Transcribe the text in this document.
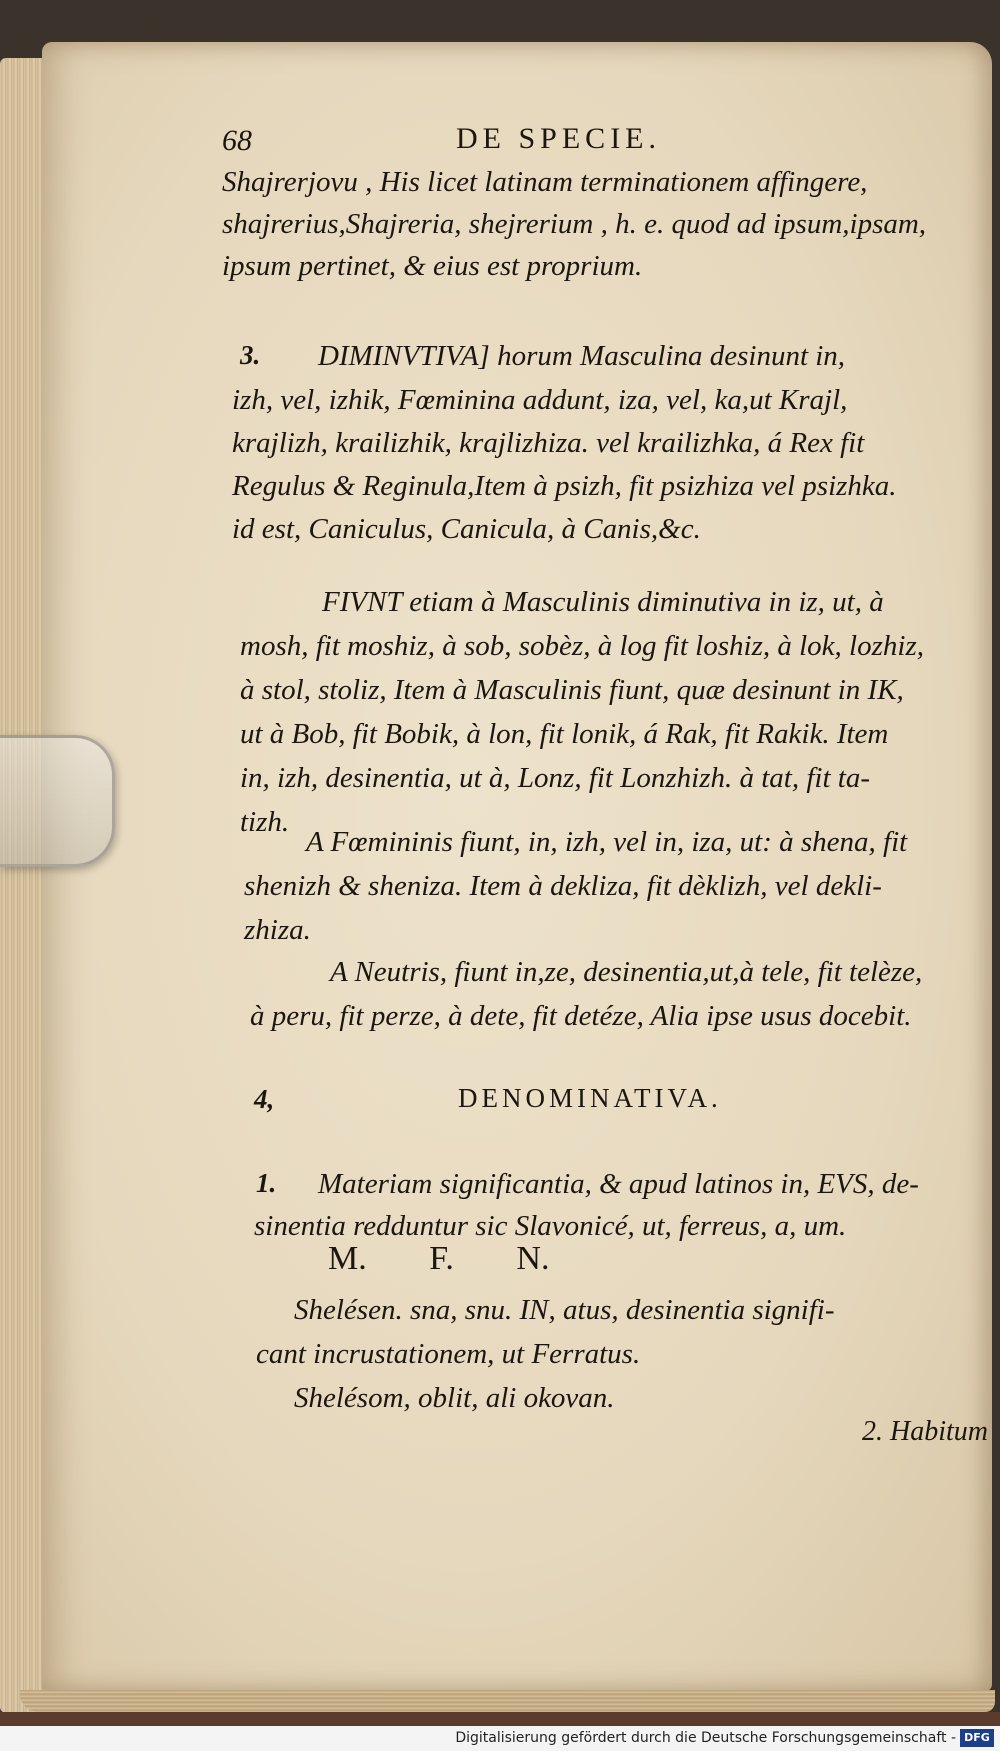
68	DE SPECIE.
Shajrerjovu , His licet latinam terminationem affingere,
shajrerius,Shajreria, shejrerium , h. e. quod ad ipsum,ipsam,
ipsum pertinet, & eius est proprium.
3. DIMINVTIVA] horum Masculina desinunt in,
izh, vel, izhik, Fœminina addunt, iza, vel, ka,ut Krajl,
krajlizh, krailizhik, krajlizhiza. vel krailizhka, á Rex fit
Regulus & Reginula,Item à psizh, fit psizhiza vel psizhka.
id est, Caniculus, Canicula, à Canis,&c.
FIVNT etiam à Masculinis diminutiva in iz, ut, à
mosh, fit moshiz, à sob, sobèz, à log fit loshiz, à lok, lozhiz,
à stol, stoliz, Item à Masculinis fiunt, quæ desinunt in IK,
ut à Bob, fit Bobik, à lon, fit lonik, á Rak, fit Rakik. Item
in, izh, desinentia, ut à, Lonz, fit Lonzhizh. à tat, fit ta-
tizh.
A Fœmininis fiunt, in, izh, vel in, iza, ut: à shena, fit
shenizh & sheniza. Item à dekliza, fit dèklizh, vel dekli-
zhiza.
A Neutris, fiunt in,ze, desinentia,ut,à tele, fit telèze,
à peru, fit perze, à dete, fit detéze, Alia ipse usus docebit.
4,	DENOMINATIVA.
1. Materiam significantia, & apud latinos in, EVS, de-
sinentia redduntur sic Slavonicé, ut, ferreus, a, um.
M. F. N.
Shelésen. sna, snu. IN, atus, desinentia signifi-
cant incrustationem, ut Ferratus.
Shelésom, oblit, ali okovan.
2. Habitum
Digitalisierung gefördert durch die Deutsche Forschungsgemeinschaft - DFG
